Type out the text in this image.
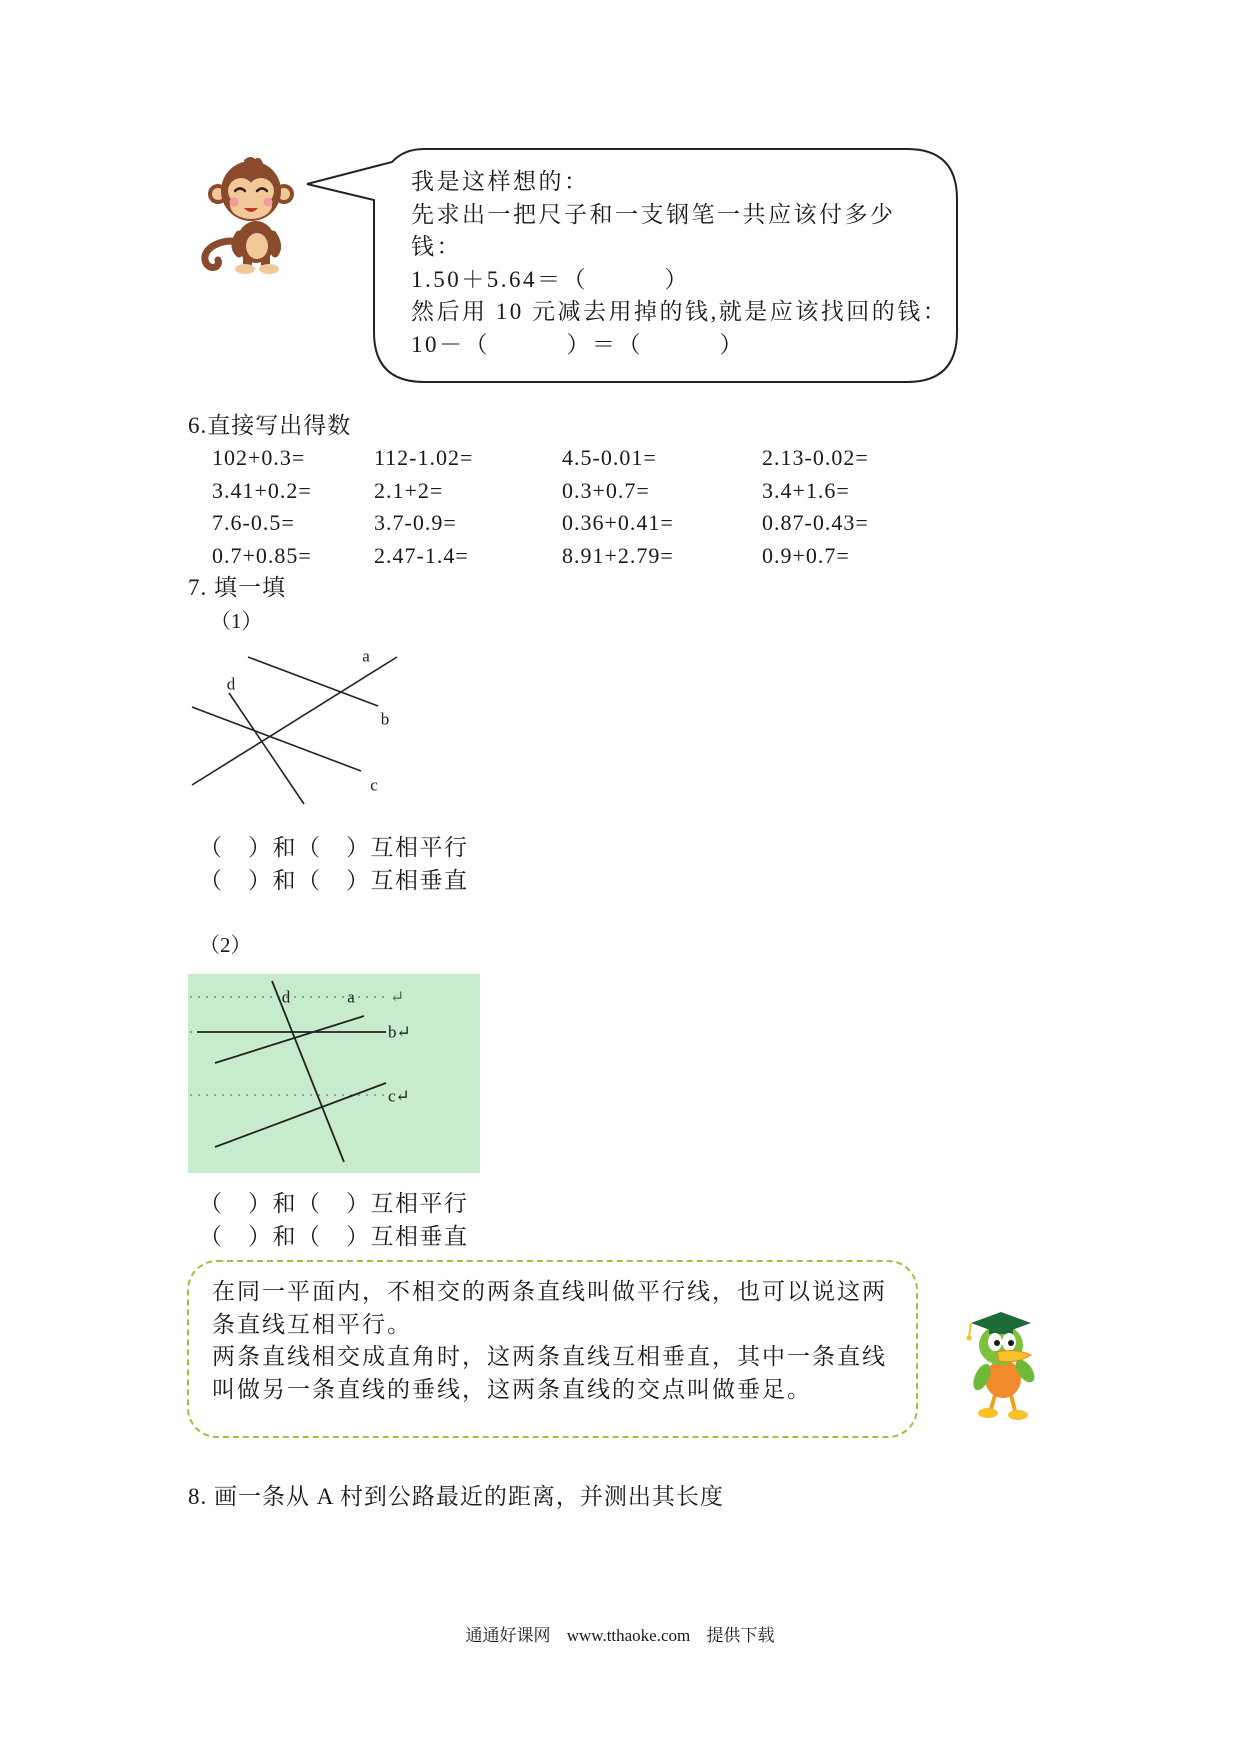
我是这样想的：
先求出一把尺子和一支钢笔一共应该付多少
钱：
1.50＋5.64＝（　　　）
然后用 10 元减去用掉的钱,就是应该找回的钱：
10－（　　　）＝（　　　）
6.直接写出得数
102+0.3=	112-1.02=	4.5-0.01=	2.13-0.02=
3.41+0.2=	2.1+2=	0.3+0.7=	3.4+1.6=
7.6-0.5=	3.7-0.9=	0.36+0.41=	0.87-0.43=
0.7+0.85=	2.47-1.4=	8.91+2.79=	0.9+0.7=
7. 填一填
（1）
a
b
c
d
（　）和（　）互相平行
（　）和（　）互相垂直
（2）
d	a ↵
b↵
c↵
（　）和（　）互相平行
（　）和（　）互相垂直
在同一平面内，不相交的两条直线叫做平行线，也可以说这两
条直线互相平行。
两条直线相交成直角时，这两条直线互相垂直，其中一条直线
叫做另一条直线的垂线，这两条直线的交点叫做垂足。
8. 画一条从 A 村到公路最近的距离，并测出其长度
通通好课网 www.tthaoke.com 提供下载
